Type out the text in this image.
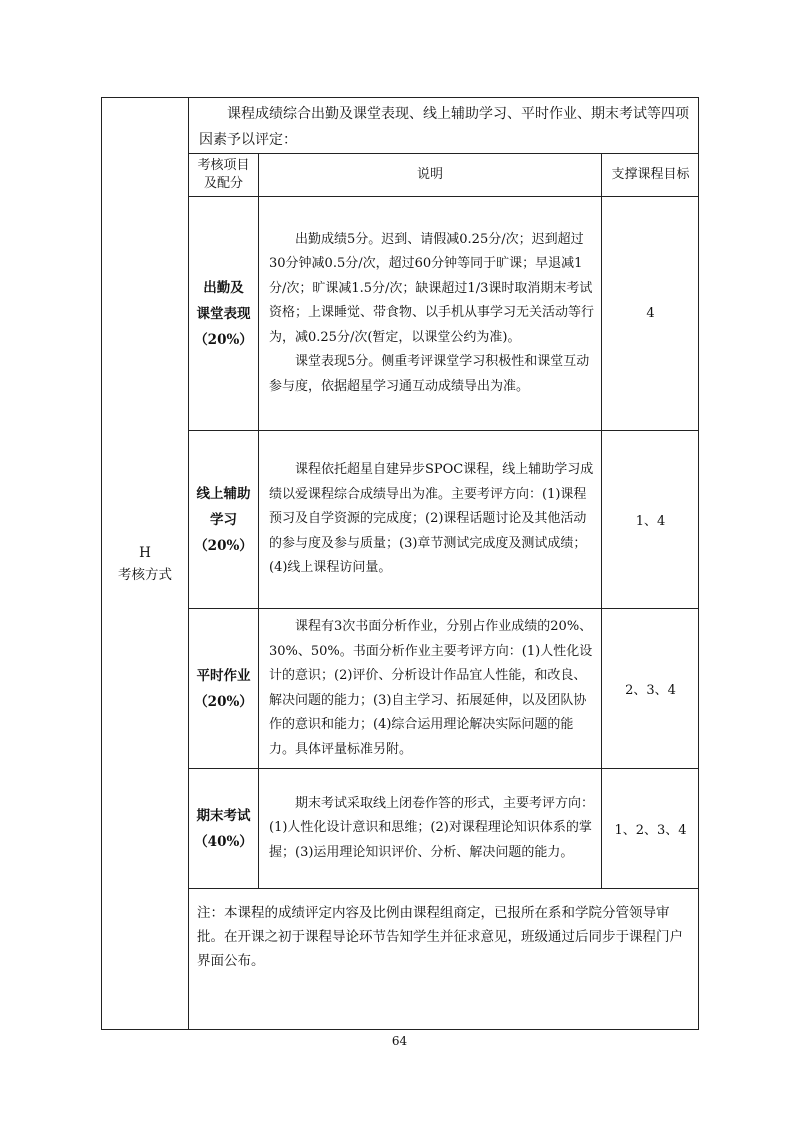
H
考核方式
课程成绩综合出勤及课堂表现、线上辅助学习、平时作业、期末考试等四项因素予以评定：
考核项目及配分
说明	支撑课程目标
出勤及
课堂表现
（20%）

出勤成绩5分。迟到、请假减0.25分/次；迟到超过30分钟减0.5分/次，超过60分钟等同于旷课；早退减1分/次；旷课减1.5分/次；缺课超过1/3课时取消期末考试资格；上课睡觉、带食物、以手机从事学习无关活动等行为，减0.25分/次(暂定，以课堂公约为准)。

课堂表现5分。侧重考评课堂学习积极性和课堂互动参与度，依据超星学习通互动成绩导出为准。

4
线上辅助
学习
（20%）

课程依托超星自建异步SPOC课程，线上辅助学习成绩以爱课程综合成绩导出为准。主要考评方向：(1)课程预习及自学资源的完成度；(2)课程话题讨论及其他活动的参与度及参与质量；(3)章节测试完成度及测试成绩；(4)线上课程访问量。

1、4
平时作业
（20%）

课程有3次书面分析作业，分别占作业成绩的20%、30%、50%。书面分析作业主要考评方向：(1)人性化设计的意识；(2)评价、分析设计作品宜人性能，和改良、解决问题的能力；(3)自主学习、拓展延伸，以及团队协作的意识和能力；(4)综合运用理论解决实际问题的能力。具体评量标准另附。

2、3、4
期末考试
（40%）

期末考试采取线上闭卷作答的形式，主要考评方向：(1)人性化设计意识和思维；(2)对课程理论知识体系的掌握；(3)运用理论知识评价、分析、解决问题的能力。

1、2、3、4
注：本课程的成绩评定内容及比例由课程组商定，已报所在系和学院分管领导审批。在开课之初于课程导论环节告知学生并征求意见，班级通过后同步于课程门户界面公布。
64
